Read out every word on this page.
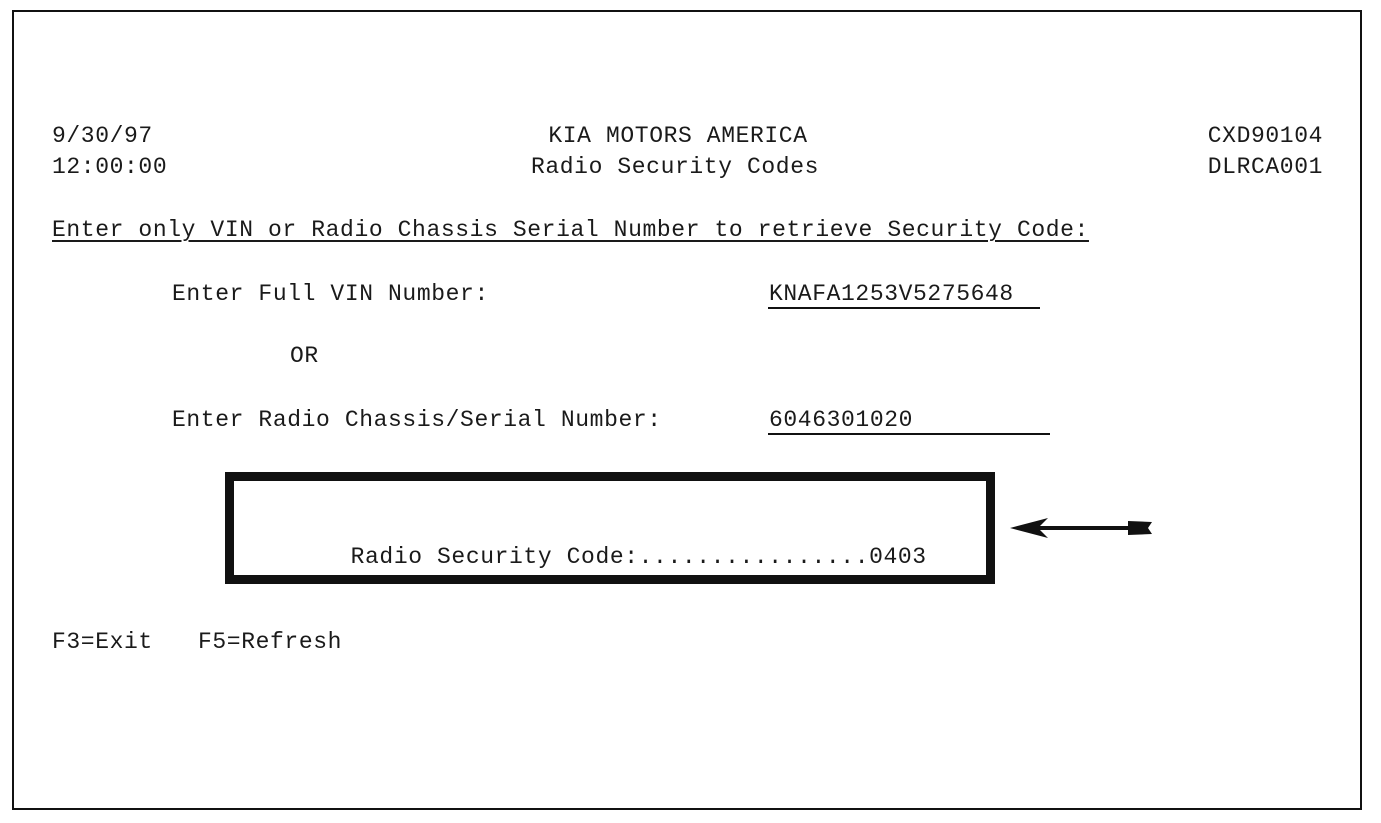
9/30/97	KIA MOTORS AMERICA	CXD90104
12:00:00	Radio Security Codes	DLRCA001
Enter only VIN or Radio Chassis Serial Number to retrieve Security Code:
Enter Full VIN Number:	KNAFA1253V5275648
OR
Enter Radio Chassis/Serial Number:	6046301020

Radio Security Code:................0403

F3=Exit F5=Refresh
